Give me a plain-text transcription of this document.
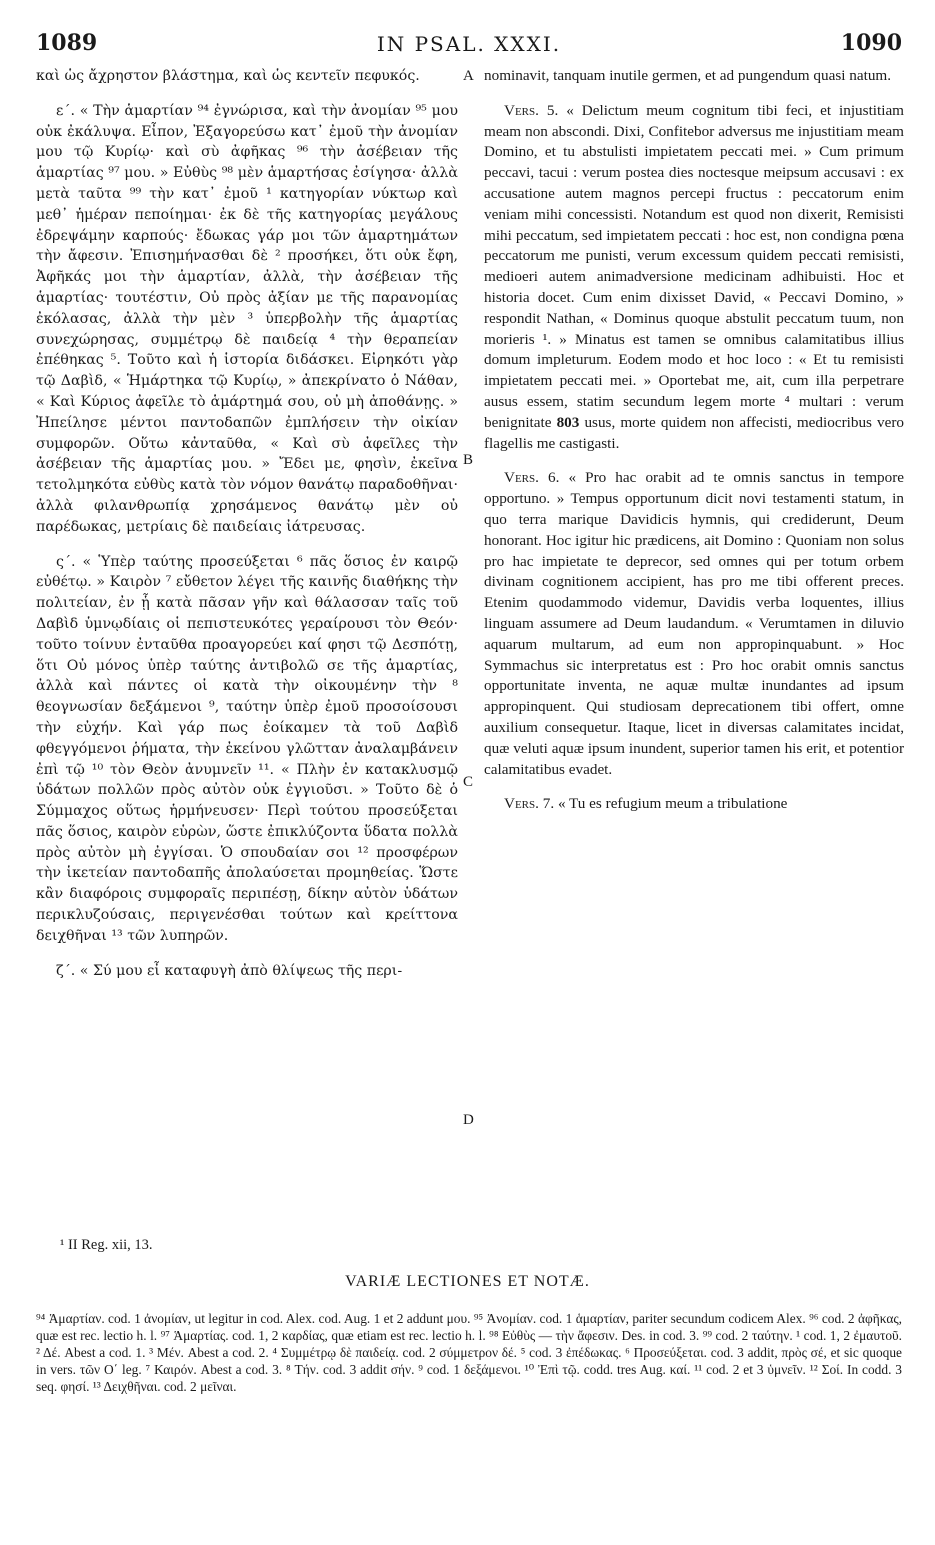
1089	IN PSAL. XXXI.	1090

καὶ ὡς ἄχρηστον βλάστημα, καὶ ὡς κεντεῖν πεφυκός.

ε΄. « Τὴν ἁμαρτίαν ⁹⁴ ἐγνώρισα, καὶ τὴν ἀνομίαν ⁹⁵ μου οὐκ ἐκάλυψα. Εἶπον, Ἐξαγορεύσω κατ᾽ ἐμοῦ τὴν ἀνομίαν μου τῷ Κυρίῳ· καὶ σὺ ἀφῆκας ⁹⁶ τὴν ἀσέβειαν τῆς ἁμαρτίας ⁹⁷ μου. » Εὐθὺς ⁹⁸ μὲν ἁμαρτήσας ἐσίγησα· ἀλλὰ μετὰ ταῦτα ⁹⁹ τὴν κατ᾽ ἐμοῦ ¹ κατηγορίαν νύκτωρ καὶ μεθ᾽ ἡμέραν πεποίημαι· ἐκ δὲ τῆς κατηγορίας μεγάλους ἐδρεψάμην καρπούς· ἔδωκας γάρ μοι τῶν ἁμαρτημάτων τὴν ἄφεσιν. Ἐπισημήνασθαι δὲ ² προσήκει, ὅτι οὐκ ἔφη, Ἀφῆκάς μοι τὴν ἁμαρτίαν, ἀλλὰ, τὴν ἀσέβειαν τῆς ἁμαρτίας· τουτέστιν, Οὐ πρὸς ἀξίαν με τῆς παρανομίας ἐκόλασας, ἀλλὰ τὴν μὲν ³ ὑπερβολὴν τῆς ἁμαρτίας συνεχώρησας, συμμέτρῳ δὲ παιδείᾳ ⁴ τὴν θεραπείαν ἐπέθηκας ⁵. Τοῦτο καὶ ἡ ἱστορία διδάσκει. Εἰρηκότι γὰρ τῷ Δαβὶδ, « Ἡμάρτηκα τῷ Κυρίῳ, » ἀπεκρίνατο ὁ Νάθαν, « Καὶ Κύριος ἀφεῖλε τὸ ἁμάρτημά σου, οὐ μὴ ἀποθάνῃς. » Ἠπείλησε μέντοι παντοδαπῶν ἐμπλήσειν τὴν οἰκίαν συμφορῶν. Οὕτω κἀνταῦθα, « Καὶ σὺ ἀφεῖλες τὴν ἀσέβειαν τῆς ἁμαρτίας μου. » Ἔδει με, φησὶν, ἐκεῖνα τετολμηκότα εὐθὺς κατὰ τὸν νόμον θανάτῳ παραδοθῆναι· ἀλλὰ φιλανθρωπίᾳ χρησάμενος θανάτῳ μὲν οὐ παρέδωκας, μετρίαις δὲ παιδείαις ἰάτρευσας.

ς΄. « Ὑπὲρ ταύτης προσεύξεται ⁶ πᾶς ὅσιος ἐν καιρῷ εὐθέτῳ. » Καιρὸν ⁷ εὔθετον λέγει τῆς καινῆς διαθήκης τὴν πολιτείαν, ἐν ᾗ κατὰ πᾶσαν γῆν καὶ θάλασσαν ταῖς τοῦ Δαβὶδ ὑμνῳδίαις οἱ πεπιστευκότες γεραίρουσι τὸν Θεόν· τοῦτο τοίνυν ἐνταῦθα προαγορεύει καί φησι τῷ Δεσπότῃ, ὅτι Οὐ μόνος ὑπὲρ ταύτης ἀντιβολῶ σε τῆς ἁμαρτίας, ἀλλὰ καὶ πάντες οἱ κατὰ τὴν οἰκουμένην τὴν ⁸ θεογνωσίαν δεξάμενοι ⁹, ταύτην ὑπὲρ ἐμοῦ προσοίσουσι τὴν εὐχήν. Καὶ γάρ πως ἐοίκαμεν τὰ τοῦ Δαβὶδ φθεγγόμενοι ῥήματα, τὴν ἐκείνου γλῶτταν ἀναλαμβάνειν ἐπὶ τῷ ¹⁰ τὸν Θεὸν ἀνυμνεῖν ¹¹. « Πλὴν ἐν κατακλυσμῷ ὑδάτων πολλῶν πρὸς αὐτὸν οὐκ ἐγγιοῦσι. » Τοῦτο δὲ ὁ Σύμμαχος οὕτως ἡρμήνευσεν· Περὶ τούτου προσεύξεται πᾶς ὅσιος, καιρὸν εὑρὼν, ὥστε ἐπικλύζοντα ὕδατα πολλὰ πρὸς αὐτὸν μὴ ἐγγίσαι. Ὁ σπουδαίαν σοι ¹² προσφέρων τὴν ἱκετείαν παντοδαπῆς ἀπολαύσεται προμηθείας. Ὥστε κἂν διαφόροις συμφοραῖς περιπέσῃ, δίκην αὐτὸν ὑδάτων περικλυζούσαις, περιγενέσθαι τούτων καὶ κρείττονα δειχθῆναι ¹³ τῶν λυπηρῶν.

ζ΄. « Σύ μου εἶ καταφυγὴ ἀπὸ θλίψεως τῆς περι-

nominavit, tanquam inutile germen, et ad pungendum quasi natum.

Vers. 5. « Delictum meum cognitum tibi feci, et injustitiam meam non abscondi. Dixi, Confitebor adversus me injustitiam meam Domino, et tu abstulisti impietatem peccati mei. » Cum primum peccavi, tacui : verum postea dies noctesque meipsum accusavi : ex accusatione autem magnos percepi fructus : peccatorum enim veniam mihi concessisti. Notandum est quod non dixerit, Remisisti mihi peccatum, sed impietatem peccati : hoc est, non condigna pœna peccatorum me punisti, verum excessum quidem peccati remisisti, medioeri autem animadversione medicinam adhibuisti. Hoc et historia docet. Cum enim dixisset David, « Peccavi Domino, » respondit Nathan, « Dominus quoque abstulit peccatum tuum, non morieris ¹. » Minatus est tamen se omnibus calamitatibus illius domum impleturum. Eodem modo et hoc loco : « Et tu remisisti impietatem peccati mei. » Oportebat me, ait, cum illa perpetrare ausus essem, statim secundum legem morte ⁴ multari : verum benignitate 803 usus, morte quidem non affecisti, mediocribus vero flagellis me castigasti.

Vers. 6. « Pro hac orabit ad te omnis sanctus in tempore opportuno. » Tempus opportunum dicit novi testamenti statum, in quo terra marique Davidicis hymnis, qui crediderunt, Deum honorant. Hoc igitur hic prædicens, ait Domino : Quoniam non solus pro hac impietate te deprecor, sed omnes qui per totum orbem divinam cognitionem accipient, has pro me tibi offerent preces. Etenim quodammodo videmur, Davidis verba loquentes, illius linguam assumere ad Deum laudandum. « Verumtamen in diluvio aquarum multarum, ad eum non appropinquabunt. » Hoc Symmachus sic interpretatus est : Pro hoc orabit omnis sanctus opportunitate inventa, ne aquæ multæ inundantes ad ipsum appropinquent. Qui studiosam deprecationem tibi offert, omne auxilium consequetur. Itaque, licet in diversas calamitates incidat, quæ veluti aquæ ipsum inundent, superior tamen his erit, et potentior calamitatibus evadet.

Vers. 7. « Tu es refugium meum a tribulatione

A
B
C
D
¹ II Reg. xii, 13.
VARIÆ LECTIONES ET NOTÆ.
⁹⁴ Ἁμαρτίαν. cod. 1 ἀνομίαν, ut legitur in cod. Alex. cod. Aug. 1 et 2 addunt μου. ⁹⁵ Ἀνομίαν. cod. 1 ἁμαρτίαν, pariter secundum codicem Alex. ⁹⁶ cod. 2 ἀφῆκας, quæ est rec. lectio h. l. ⁹⁷ Ἁμαρτίας. cod. 1, 2 καρδίας, quæ etiam est rec. lectio h. l. ⁹⁸ Εὐθὺς — τὴν ἄφεσιν. Des. in cod. 3. ⁹⁹ cod. 2 ταύτην. ¹ cod. 1, 2 ἐμαυτοῦ. ² Δέ. Abest a cod. 1. ³ Μέν. Abest a cod. 2. ⁴ Συμμέτρῳ δὲ παιδείᾳ. cod. 2 σύμμετρον δέ. ⁵ cod. 3 ἐπέδωκας. ⁶ Προσεύξεται. cod. 3 addit, πρὸς σέ, et sic quoque in vers. τῶν Ο΄ leg. ⁷ Καιρόν. Abest a cod. 3. ⁸ Τήν. cod. 3 addit σήν. ⁹ cod. 1 δεξάμενοι. ¹⁰ Ἐπὶ τῷ. codd. tres Aug. καί. ¹¹ cod. 2 et 3 ὑμνεῖν. ¹² Σοί. In codd. 3 seq. φησί. ¹³ Δειχθῆναι. cod. 2 μεῖναι.
